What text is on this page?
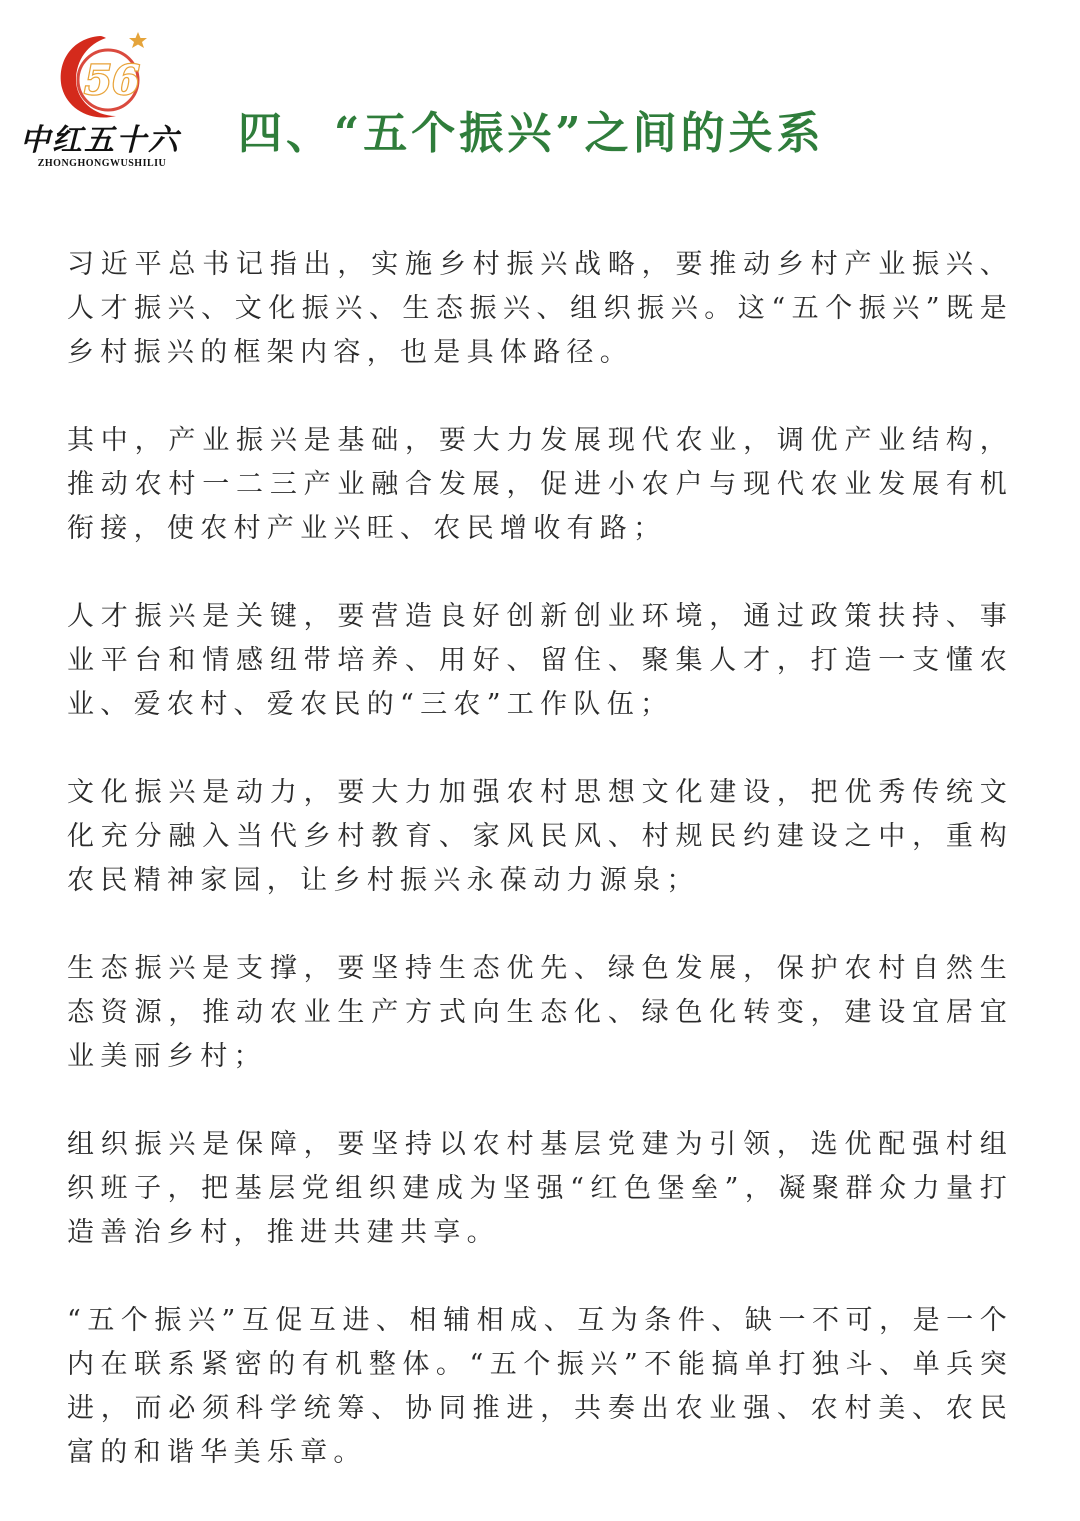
56
中红五十六
ZHONGHONGWUSHILIU
四、“五个振兴”之间的关系

习近平总书记指出，实施乡村振兴战略，要推动乡村产业振兴、人才振兴、文化振兴、生态振兴、组织振兴。这“五个振兴”既是乡村振兴的框架内容，也是具体路径。

其中，产业振兴是基础，要大力发展现代农业，调优产业结构，推动农村一二三产业融合发展，促进小农户与现代农业发展有机衔接，使农村产业兴旺、农民增收有路；

人才振兴是关键，要营造良好创新创业环境，通过政策扶持、事业平台和情感纽带培养、用好、留住、聚集人才，打造一支懂农业、爱农村、爱农民的“三农”工作队伍；

文化振兴是动力，要大力加强农村思想文化建设，把优秀传统文化充分融入当代乡村教育、家风民风、村规民约建设之中，重构农民精神家园，让乡村振兴永葆动力源泉；

生态振兴是支撑，要坚持生态优先、绿色发展，保护农村自然生态资源，推动农业生产方式向生态化、绿色化转变，建设宜居宜业美丽乡村；

组织振兴是保障，要坚持以农村基层党建为引领，选优配强村组织班子，把基层党组织建成为坚强“红色堡垒”，凝聚群众力量打造善治乡村，推进共建共享。

“五个振兴”互促互进、相辅相成、互为条件、缺一不可，是一个内在联系紧密的有机整体。“五个振兴”不能搞单打独斗、单兵突进，而必须科学统筹、协同推进，共奏出农业强、农村美、农民富的和谐华美乐章。
